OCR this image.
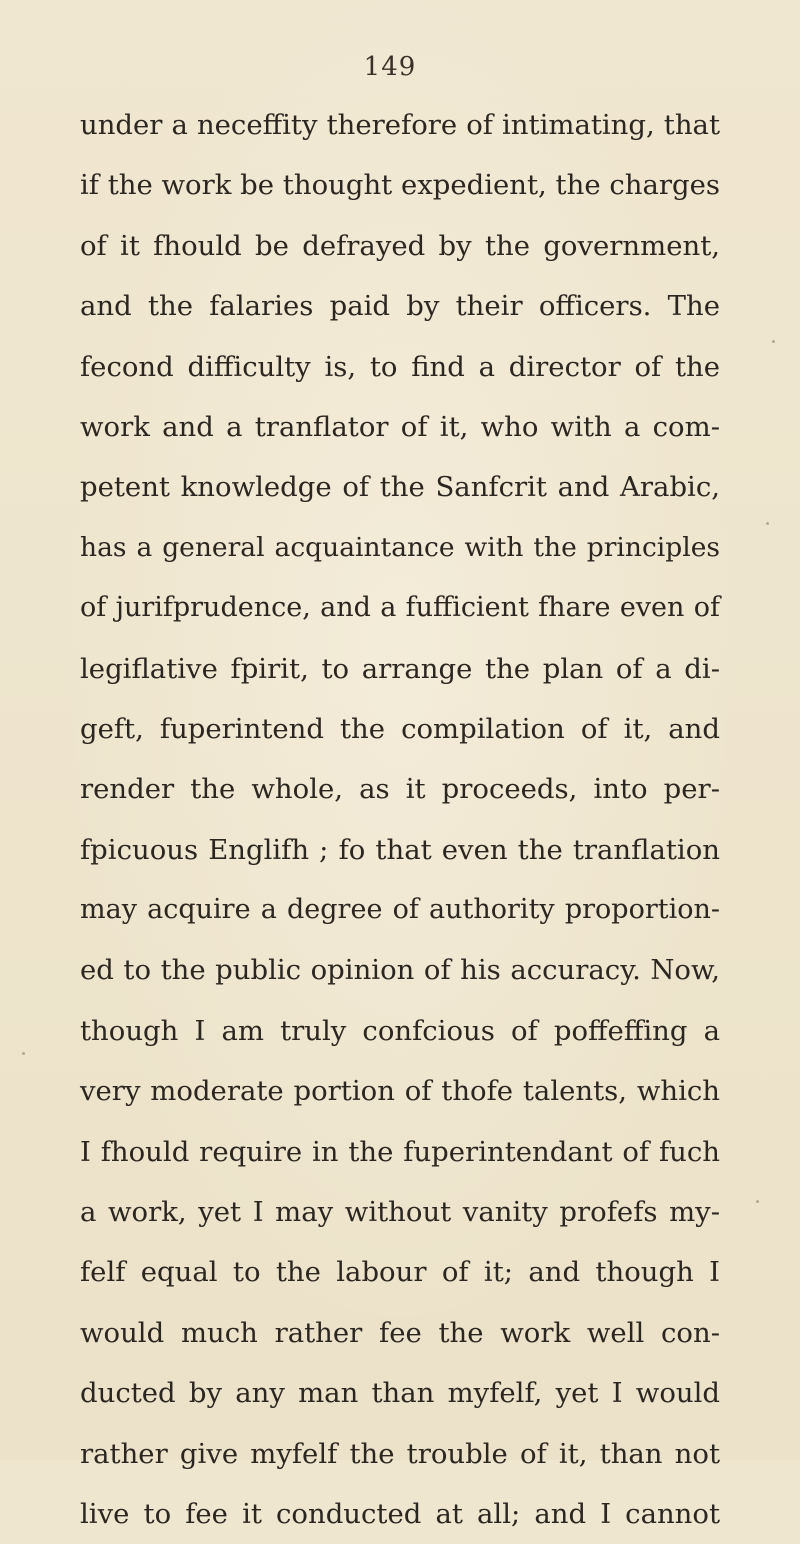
149
under a neceffity therefore of intimating, that
if the work be thought expedient, the charges
of it fhould be defrayed by the government,
and the falaries paid by their officers. The
fecond difficulty is, to find a director of the
work and a tranflator of it, who with a com-
petent knowledge of the Sanfcrit and Arabic,
has a general acquaintance with the principles
of jurifprudence, and a fufficient fhare even of
legiflative fpirit, to arrange the plan of a di-
geft, fuperintend the compilation of it, and
render the whole, as it proceeds, into per-
fpicuous Englifh ; fo that even the tranflation
may acquire a degree of authority proportion-
ed to the public opinion of his accuracy. Now,
though I am truly confcious of poffeffing a
very moderate portion of thofe talents, which
I fhould require in the fuperintendant of fuch
a work, yet I may without vanity profefs my-
felf equal to the labour of it; and though I
would much rather fee the work well con-
ducted by any man than myfelf, yet I would
rather give myfelf the trouble of it, than not
live to fee it conducted at all; and I cannot
